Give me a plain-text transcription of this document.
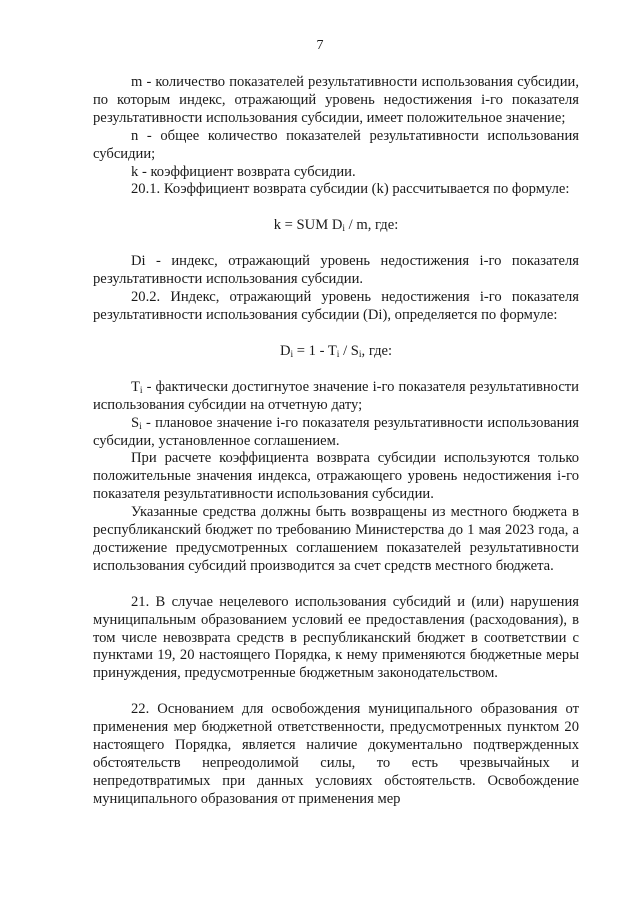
7

m - количество показателей результативности использования субсидии, по которым индекс, отражающий уровень недостижения i-го показателя результативности использования субсидии, имеет положительное значение;

n - общее количество показателей результативности использования субсидии;

k - коэффициент возврата субсидии.

20.1. Коэффициент возврата субсидии (k) рассчитывается по формуле:

k = SUM $D_i$ / m, где:

Di - индекс, отражающий уровень недостижения i-го показателя результативности использования субсидии.

20.2. Индекс, отражающий уровень недостижения i-го показателя результативности использования субсидии (Di), определяется по формуле:

$D_i = 1 - T_i / S_i$, где:

$T_i$ - фактически достигнутое значение i-го показателя результативности использования субсидии на отчетную дату;

$S_i$ - плановое значение i-го показателя результативности использования субсидии, установленное соглашением.

При расчете коэффициента возврата субсидии используются только положительные значения индекса, отражающего уровень недостижения i-го показателя результативности использования субсидии.

Указанные средства должны быть возвращены из местного бюджета в республиканский бюджет по требованию Министерства до 1 мая 2023 года, а достижение предусмотренных соглашением показателей результативности использования субсидий производится за счет средств местного бюджета.

21. В случае нецелевого использования субсидий и (или) нарушения муниципальным образованием условий ее предоставления (расходования), в том числе невозврата средств в республиканский бюджет в соответствии с пунктами 19, 20 настоящего Порядка, к нему применяются бюджетные меры принуждения, предусмотренные бюджетным законодательством.

22. Основанием для освобождения муниципального образования от применения мер бюджетной ответственности, предусмотренных пунктом 20 настоящего Порядка, является наличие документально подтвержденных обстоятельств непреодолимой силы, то есть чрезвычайных и непредотвратимых при данных условиях обстоятельств. Освобождение муниципального образования от применения мер
